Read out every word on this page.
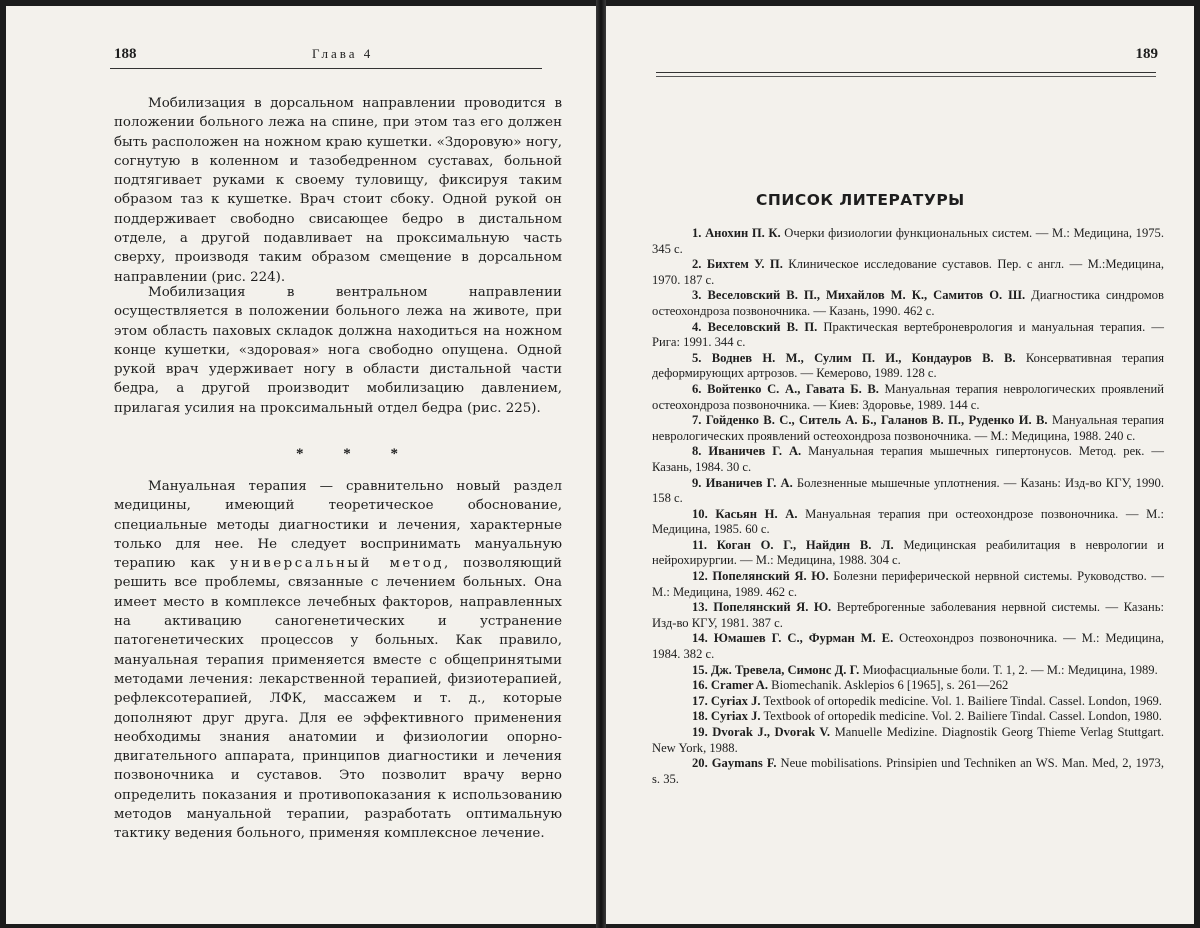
188	Глава 4

Мобилизация в дорсальном направлении проводится в положении больного лежа на спине, при этом таз его должен быть расположен на ножном краю кушетки. «Здоровую» ногу, согнутую в коленном и тазобедренном суставах, больной подтягивает руками к своему туловищу, фиксируя таким образом таз к кушетке. Врач стоит сбоку. Одной рукой он поддерживает свободно свисающее бедро в дистальном отделе, а другой подавливает на проксимальную часть сверху, производя таким образом смещение в дорсальном направлении (рис. 224).

Мобилизация в вентральном направлении осуществляется в положении больного лежа на животе, при этом область паховых складок должна находиться на ножном конце кушетки, «здоровая» нога свободно опущена. Одной рукой врач удерживает ногу в области дистальной части бедра, а другой производит мобилизацию давлением, прилагая усилия на проксимальный отдел бедра (рис. 225).

* * *

Мануальная терапия — сравнительно новый раздел медицины, имеющий теоретическое обоснование, специальные методы диагностики и лечения, характерные только для нее. Не следует воспринимать мануальную терапию как универсальный метод, позволяющий решить все проблемы, связанные с лечением больных. Она имеет место в комплексе лечебных факторов, направленных на активацию саногенетических и устранение патогенетических процессов у больных. Как правило, мануальная терапия применяется вместе с общепринятыми методами лечения: лекарственной терапией, физиотерапией, рефлексотерапией, ЛФК, массажем и т. д., которые дополняют друг друга. Для ее эффективного применения необходимы знания анатомии и физиологии опорно-двигательного аппарата, принципов диагностики и лечения позвоночника и суставов. Это позволит врачу верно определить показания и противопоказания к использованию методов мануальной терапии, разработать оптимальную тактику ведения больного, применяя комплексное лечение.

189
СПИСОК ЛИТЕРАТУРЫ
1. Анохин П. К. Очерки физиологии функциональных систем. — М.: Медицина, 1975. 345 с.
2. Бихтем У. П. Клиническое исследование суставов. Пер. с англ. — М.:Медицина, 1970. 187 с.
3. Веселовский В. П., Михайлов М. К., Самитов О. Ш. Диагностика синдромов остеохондроза позвоночника. — Казань, 1990. 462 с.
4. Веселовский В. П. Практическая вертеброневрология и мануальная терапия. — Рига: 1991. 344 с.
5. Воднев Н. М., Сулим П. И., Кондауров В. В. Консервативная терапия деформирующих артрозов. — Кемерово, 1989. 128 с.
6. Войтенко С. А., Гавата Б. В. Мануальная терапия неврологических проявлений остеохондроза позвоночника. — Киев: Здоровье, 1989. 144 с.
7. Гойденко В. С., Ситель А. Б., Галанов В. П., Руденко И. В. Мануальная терапия неврологических проявлений остеохондроза позвоночника. — М.: Медицина, 1988. 240 с.
8. Иваничев Г. А. Мануальная терапия мышечных гипертонусов. Метод. рек. — Казань, 1984. 30 с.
9. Иваничев Г. А. Болезненные мышечные уплотнения. — Казань: Изд-во КГУ, 1990. 158 с.
10. Касьян Н. А. Мануальная терапия при остеохондрозе позвоночника. — М.: Медицина, 1985. 60 с.
11. Коган О. Г., Найдин В. Л. Медицинская реабилитация в неврологии и нейрохирургии. — М.: Медицина, 1988. 304 с.
12. Попелянский Я. Ю. Болезни периферической нервной системы. Руководство. — М.: Медицина, 1989. 462 с.
13. Попелянский Я. Ю. Вертеброгенные заболевания нервной системы. — Казань: Изд-во КГУ, 1981. 387 с.
14. Юмашев Г. С., Фурман М. Е. Остеохондроз позвоночника. — М.: Медицина, 1984. 382 с.
15. Дж. Тревела, Симонс Д. Г. Миофасциальные боли. Т. 1, 2. — М.: Медицина, 1989.
16. Cramer A. Biomechanik. Asklepios 6 [1965], s. 261—262
17. Cyriax J. Textbook of ortopedik medicine. Vol. 1. Bailiere Tindal. Cassel. London, 1969.
18. Cyriax J. Textbook of ortopedik medicine. Vol. 2. Bailiere Tindal. Cassel. London, 1980.
19. Dvorak J., Dvorak V. Manuelle Medizine. Diagnostik Georg Thieme Verlag Stuttgart. New York, 1988.
20. Gaymans F. Neue mobilisations. Prinsipien und Techniken an WS. Man. Med, 2, 1973, s. 35.
